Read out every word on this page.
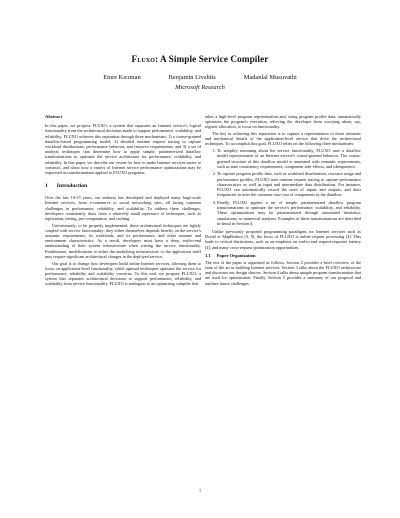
Fluxo: A Simple Service Compiler
Emre Kıcıman	Benjamin Livshits	Madanlal Musuvathi
Microsoft Research
Abstract

In this paper, we propose FLUXO, a system that separates an Internet service's logical functionality from the architectural decisions made to support performance, scalability, and reliability. FLUXO achieves this separation through three mechanisms: 1) a coarse-grained dataflow-based programming model; 2) detailed runtime request tracing to capture workload distributions, performance behavior, and resource requirements; and 3) a set of analysis techniques that determine how to apply simple, parameterized dataflow transformations to optimize the service architecture for performance, scalability, and reliability. In this paper, we describe our vision for how to make Internet services easier to construct, and show how a variety of Internet service performance optimizations may be expressed as transformations applied to FLUXO programs.

1 Introduction

Over the last 10-15 years, our industry has developed and deployed many large-scale Internet services, from e-commerce to social networking sites, all facing common challenges in performance, reliability, and scalability. To address these challenges, developers consistently draw from a relatively small repertoire of techniques, such as replication, tiering, pre-computation, and caching.

Unfortunately, to be properly implemented, these architectural techniques are tightly coupled with service functionality; they either themselves depends heavily on the service's semantic requirements, its workloads, and its performance, and other runtime and environment characteristics. As a result, developers must have a deep, end-to-end understanding of their system infrastructure when writing the service functionality. Furthermore, modifications to either the underlying infrastructure or the application itself may require significant architectural changes in the deployed service.

Our goal is to change how developers build online Internet services, allowing them to focus on application-level functionality, while optimal techniques optimize the service for performance, reliability and scalability concerns. To this end, we propose FLUXO, a system that separates architectural decisions to support performance, reliability, and scalability from service functionality. FLUXO is analogous to an optimizing compiler that

takes a high-level program representation and, using program profile data, automatically optimizes the program's execution, relieving the developer from worrying about, say, register allocation, to focus on functionality.

The key to achieving this separation is to capture a representation of those semantic and mechanical details of the application-level service that drive the architectural techniques. To accomplish this goal, FLUXO relies on the following three mechanisms:

1. To simplify reasoning about the service functionality, FLUXO uses a dataflow model representation of an Internet service's coarse-grained behavior. The coarse-grained structure of this dataflow model is annotated with semantic requirements, such as state consistency requirements, component side-effects, and idempotence.
2. To capture program profile data, such as workload distributions, resource usage and performance profiles, FLUXO uses runtime request tracing to capture performance characteristics as well as input and intermediate data distributions. For instance, FLUXO can automatically record the sizes of inputs and outputs, and their frequencies to infer the common-case cost of components in the dataflow.
3. Finally, FLUXO applies a set of simple, parameterized dataflow program transformations to optimize the service's performance, scalability, and reliability. These optimizations may be parameterized through automated heuristics, simulations, or numerical analyses. Examples of these transformations are described in detail in Section 4.

Unlike previously proposed programming paradigms for Internet services such as Dryad or MapReduce [3, 9], the focus of FLUXO is online request processing [4]. This leads to critical distinctions, such as an emphasis on end-to-end request-response latency [4], and many cross-request optimization opportunities.

1.1 Paper Organization

The rest of the paper is organized as follows. Section 2 provides a brief overview of the state of the art in building Internet services. Section 3 talks about the FLUXO architecture and discusses our design choices. Section 4 talks about sample program transformation that are used for optimization. Finally, Section 5 provides a summary of our proposal and outlines future challenges.

1
